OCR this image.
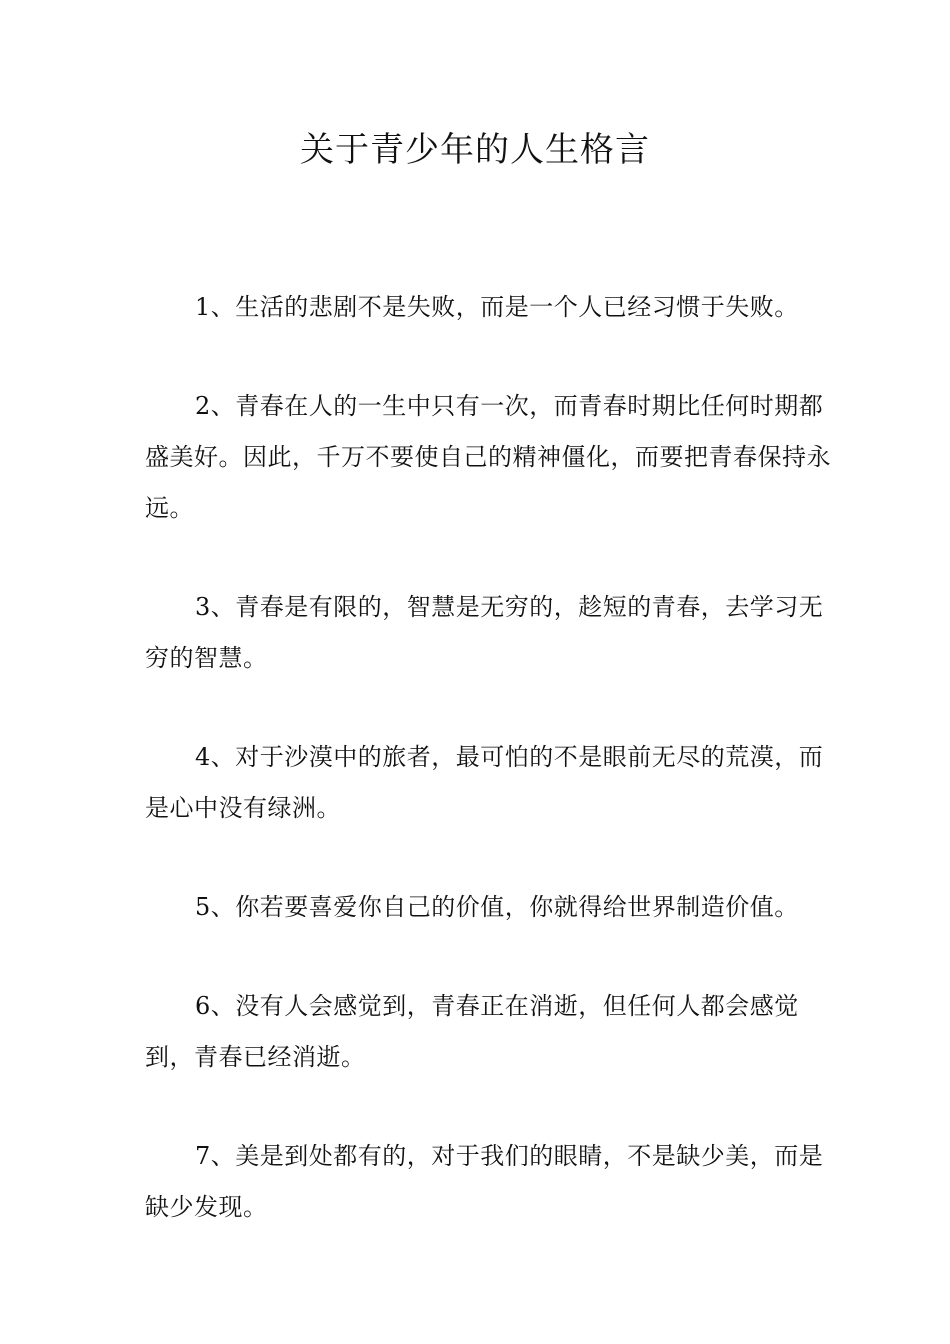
关于青少年的人生格言

1、生活的悲剧不是失败，而是一个人已经习惯于失败。

2、青春在人的一生中只有一次，而青春时期比任何时期都盛美好。因此，千万不要使自己的精神僵化，而要把青春保持永远。

3、青春是有限的，智慧是无穷的，趁短的青春，去学习无穷的智慧。

4、对于沙漠中的旅者，最可怕的不是眼前无尽的荒漠，而是心中没有绿洲。

5、你若要喜爱你自己的价值，你就得给世界制造价值。

6、没有人会感觉到，青春正在消逝，但任何人都会感觉到，青春已经消逝。

7、美是到处都有的，对于我们的眼睛，不是缺少美，而是缺少发现。
